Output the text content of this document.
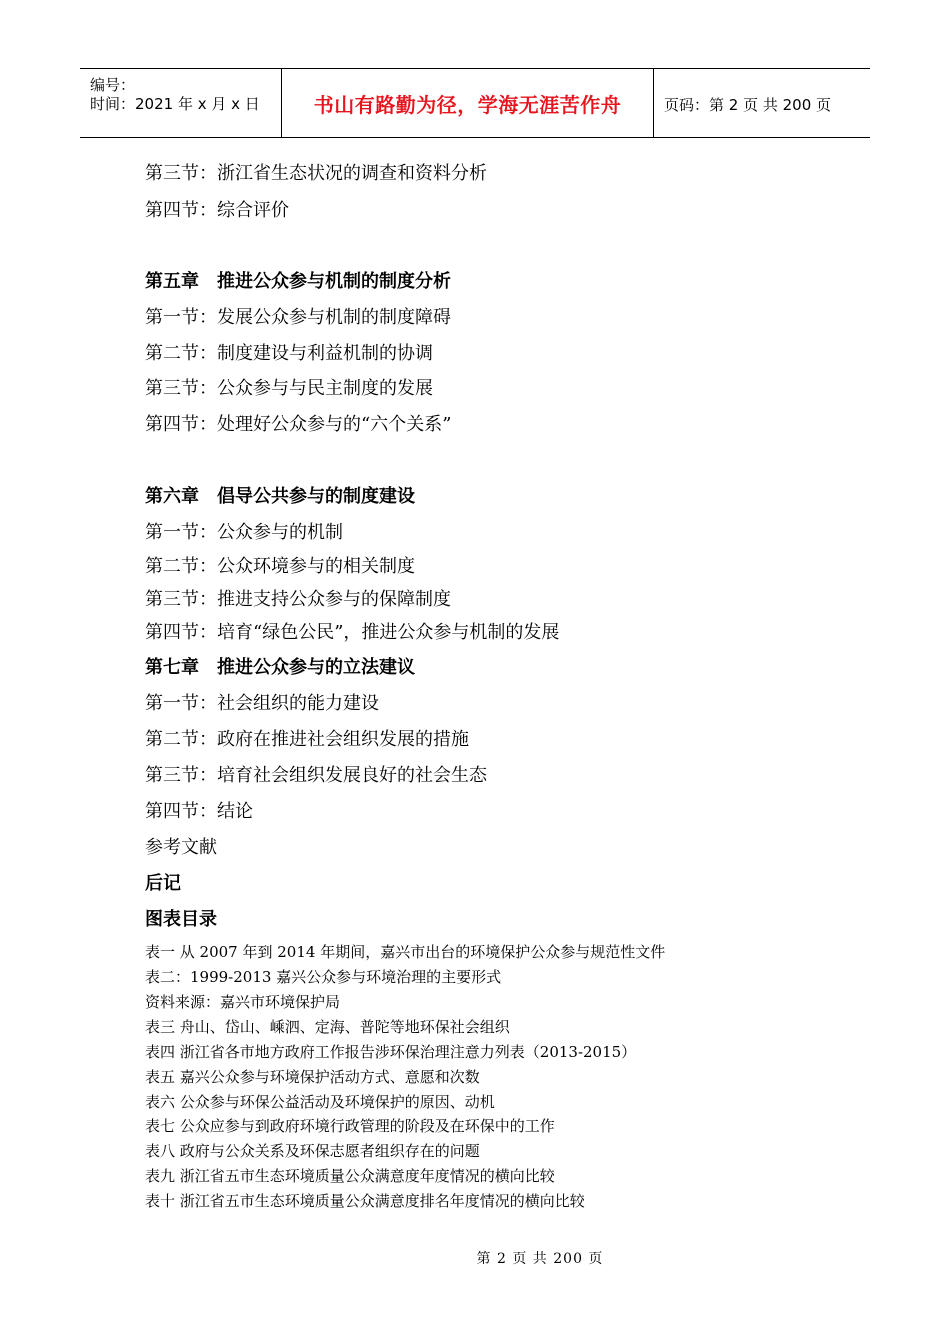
编号：
时间：2021 年 x 月 x 日	书山有路勤为径，学海无涯苦作舟	页码：第 2 页 共 200 页
第三节：浙江省生态状况的调查和资料分析
第四节：综合评价
第五章　推进公众参与机制的制度分析
第一节：发展公众参与机制的制度障碍
第二节：制度建设与利益机制的协调
第三节：公众参与与民主制度的发展
第四节：处理好公众参与的“六个关系”
第六章　倡导公共参与的制度建设
第一节：公众参与的机制
第二节：公众环境参与的相关制度
第三节：推进支持公众参与的保障制度
第四节：培育“绿色公民”，推进公众参与机制的发展
第七章　推进公众参与的立法建议
第一节：社会组织的能力建设
第二节：政府在推进社会组织发展的措施
第三节：培育社会组织发展良好的社会生态
第四节：结论
参考文献
后记
图表目录
表一 从 2007 年到 2014 年期间，嘉兴市出台的环境保护公众参与规范性文件
表二：1999-2013 嘉兴公众参与环境治理的主要形式
资料来源：嘉兴市环境保护局
表三 舟山、岱山、嵊泗、定海、普陀等地环保社会组织
表四 浙江省各市地方政府工作报告涉环保治理注意力列表（2013-2015）
表五 嘉兴公众参与环境保护活动方式、意愿和次数
表六 公众参与环保公益活动及环境保护的原因、动机
表七 公众应参与到政府环境行政管理的阶段及在环保中的工作
表八 政府与公众关系及环保志愿者组织存在的问题
表九 浙江省五市生态环境质量公众满意度年度情况的横向比较
表十 浙江省五市生态环境质量公众满意度排名年度情况的横向比较
第 2 页 共 200 页
